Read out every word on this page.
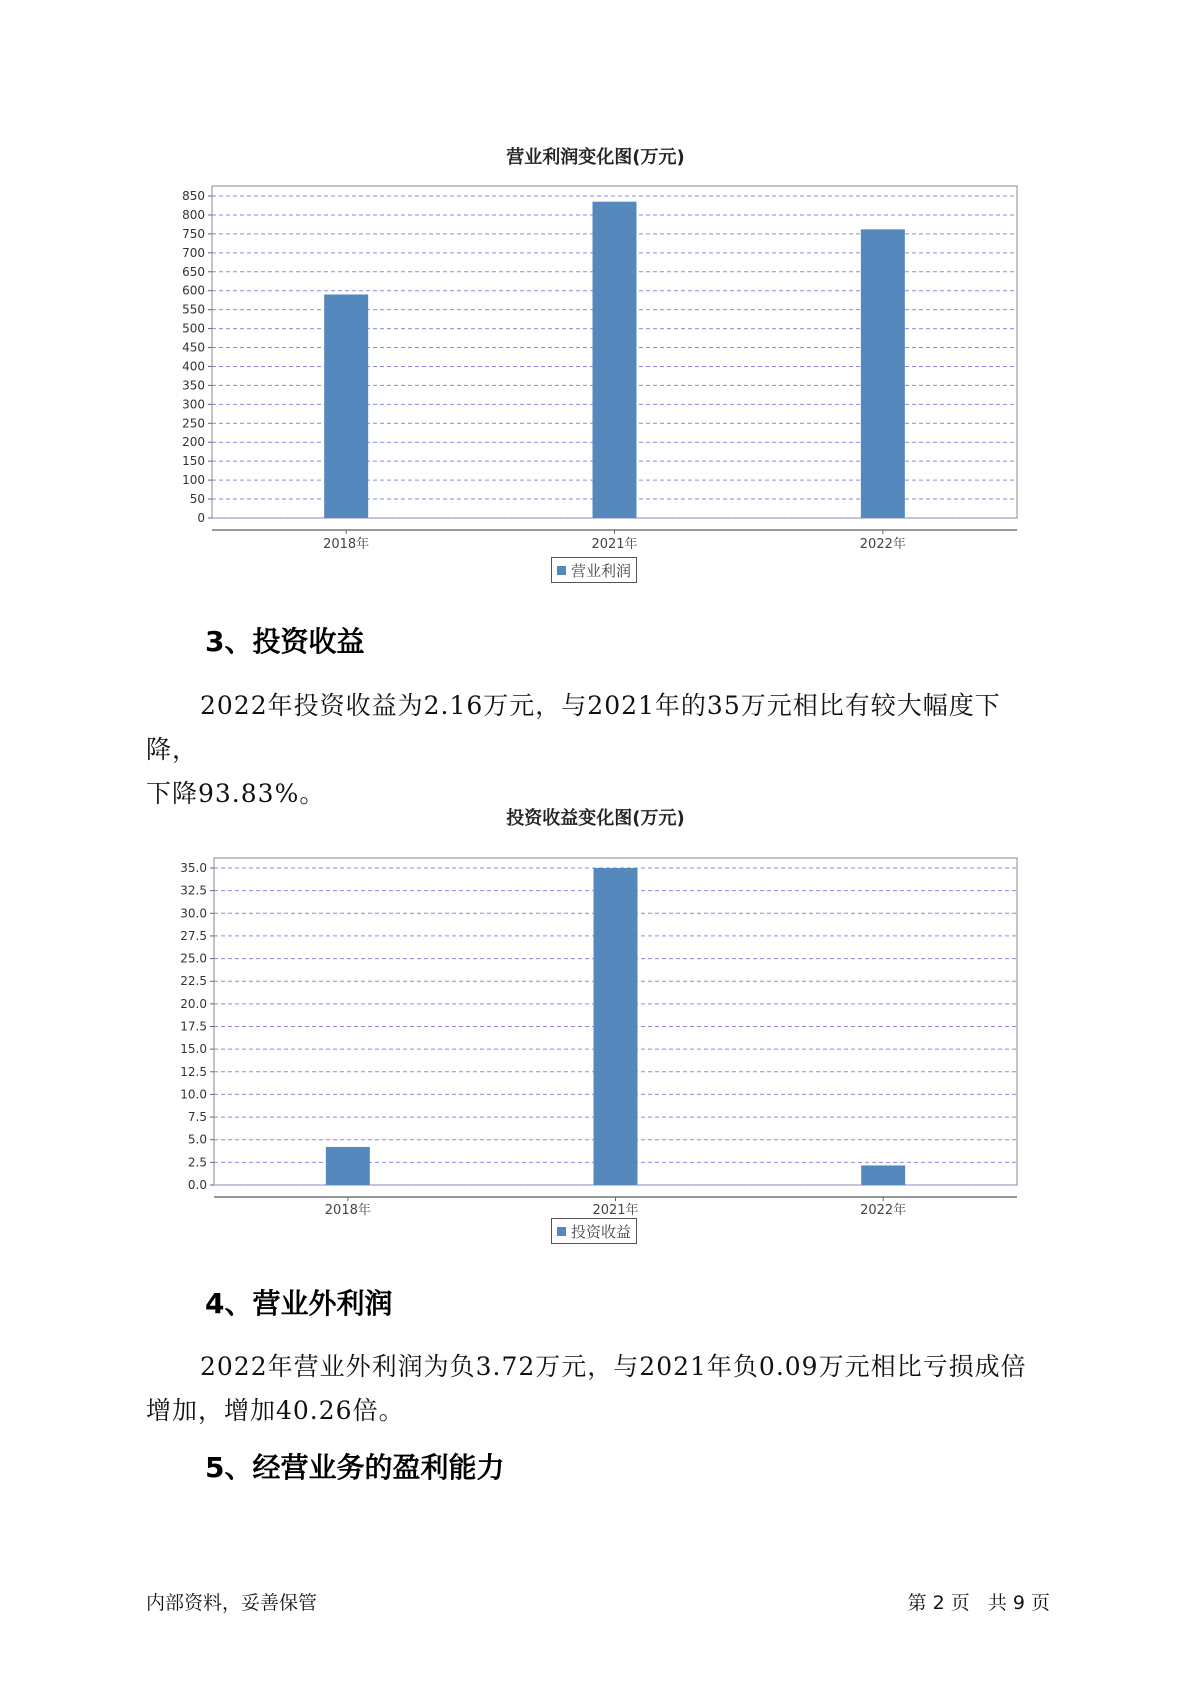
营业利润变化图(万元)
0
50
100
150
200
250
300
350
400
450
500
550
600
650
700
750
800
850
2018年	2021年	2022年
营业利润
3、投资收益
2022年投资收益为2.16万元，与2021年的35万元相比有较大幅度下降，
下降93.83%。
投资收益变化图(万元)
0.0
2.5
5.0
7.5
10.0
12.5
15.0
17.5
20.0
22.5
25.0
27.5
30.0
32.5
35.0
2018年	2021年	2022年
投资收益
4、营业外利润
2022年营业外利润为负3.72万元，与2021年负0.09万元相比亏损成倍
增加，增加40.26倍。
5、经营业务的盈利能力
内部资料，妥善保管	第 2 页   共 9 页
